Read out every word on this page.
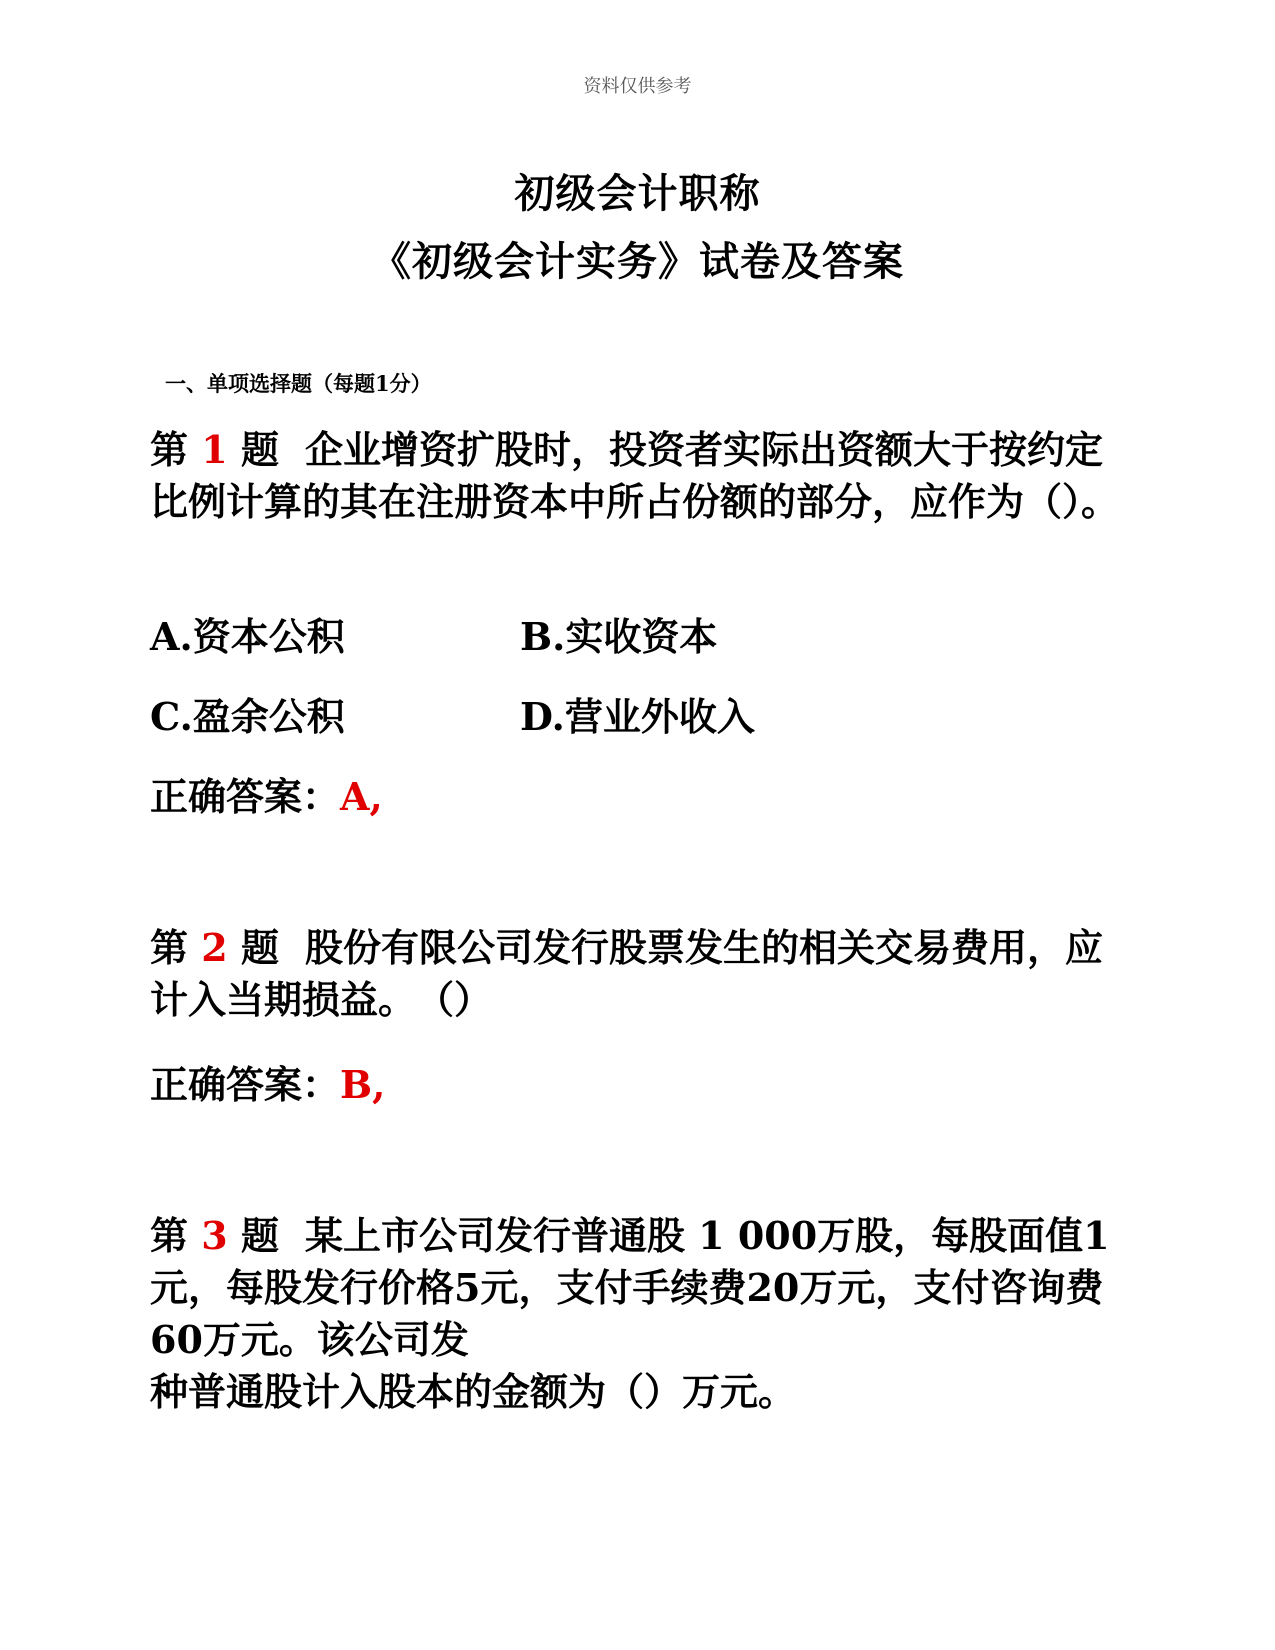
资料仅供参考
初级会计职称
《初级会计实务》试卷及答案
一、单项选择题（每题1分）
第 1 题 企业增资扩股时，投资者实际出资额大于按约定比例计算的其在注册资本中所占份额的部分，应作为（）。
A.资本公积	B.实收资本
C.盈余公积	D.营业外收入
正确答案：A,
第 2 题 股份有限公司发行股票发生的相关交易费用，应计入当期损益。　（）
正确答案：B,
第 3 题 某上市公司发行普通股 1 000万股，每股面值1元，每股发行价格5元，支付手续费20万元，支付咨询费60万元。该公司发
种普通股计入股本的金额为（）万元。
